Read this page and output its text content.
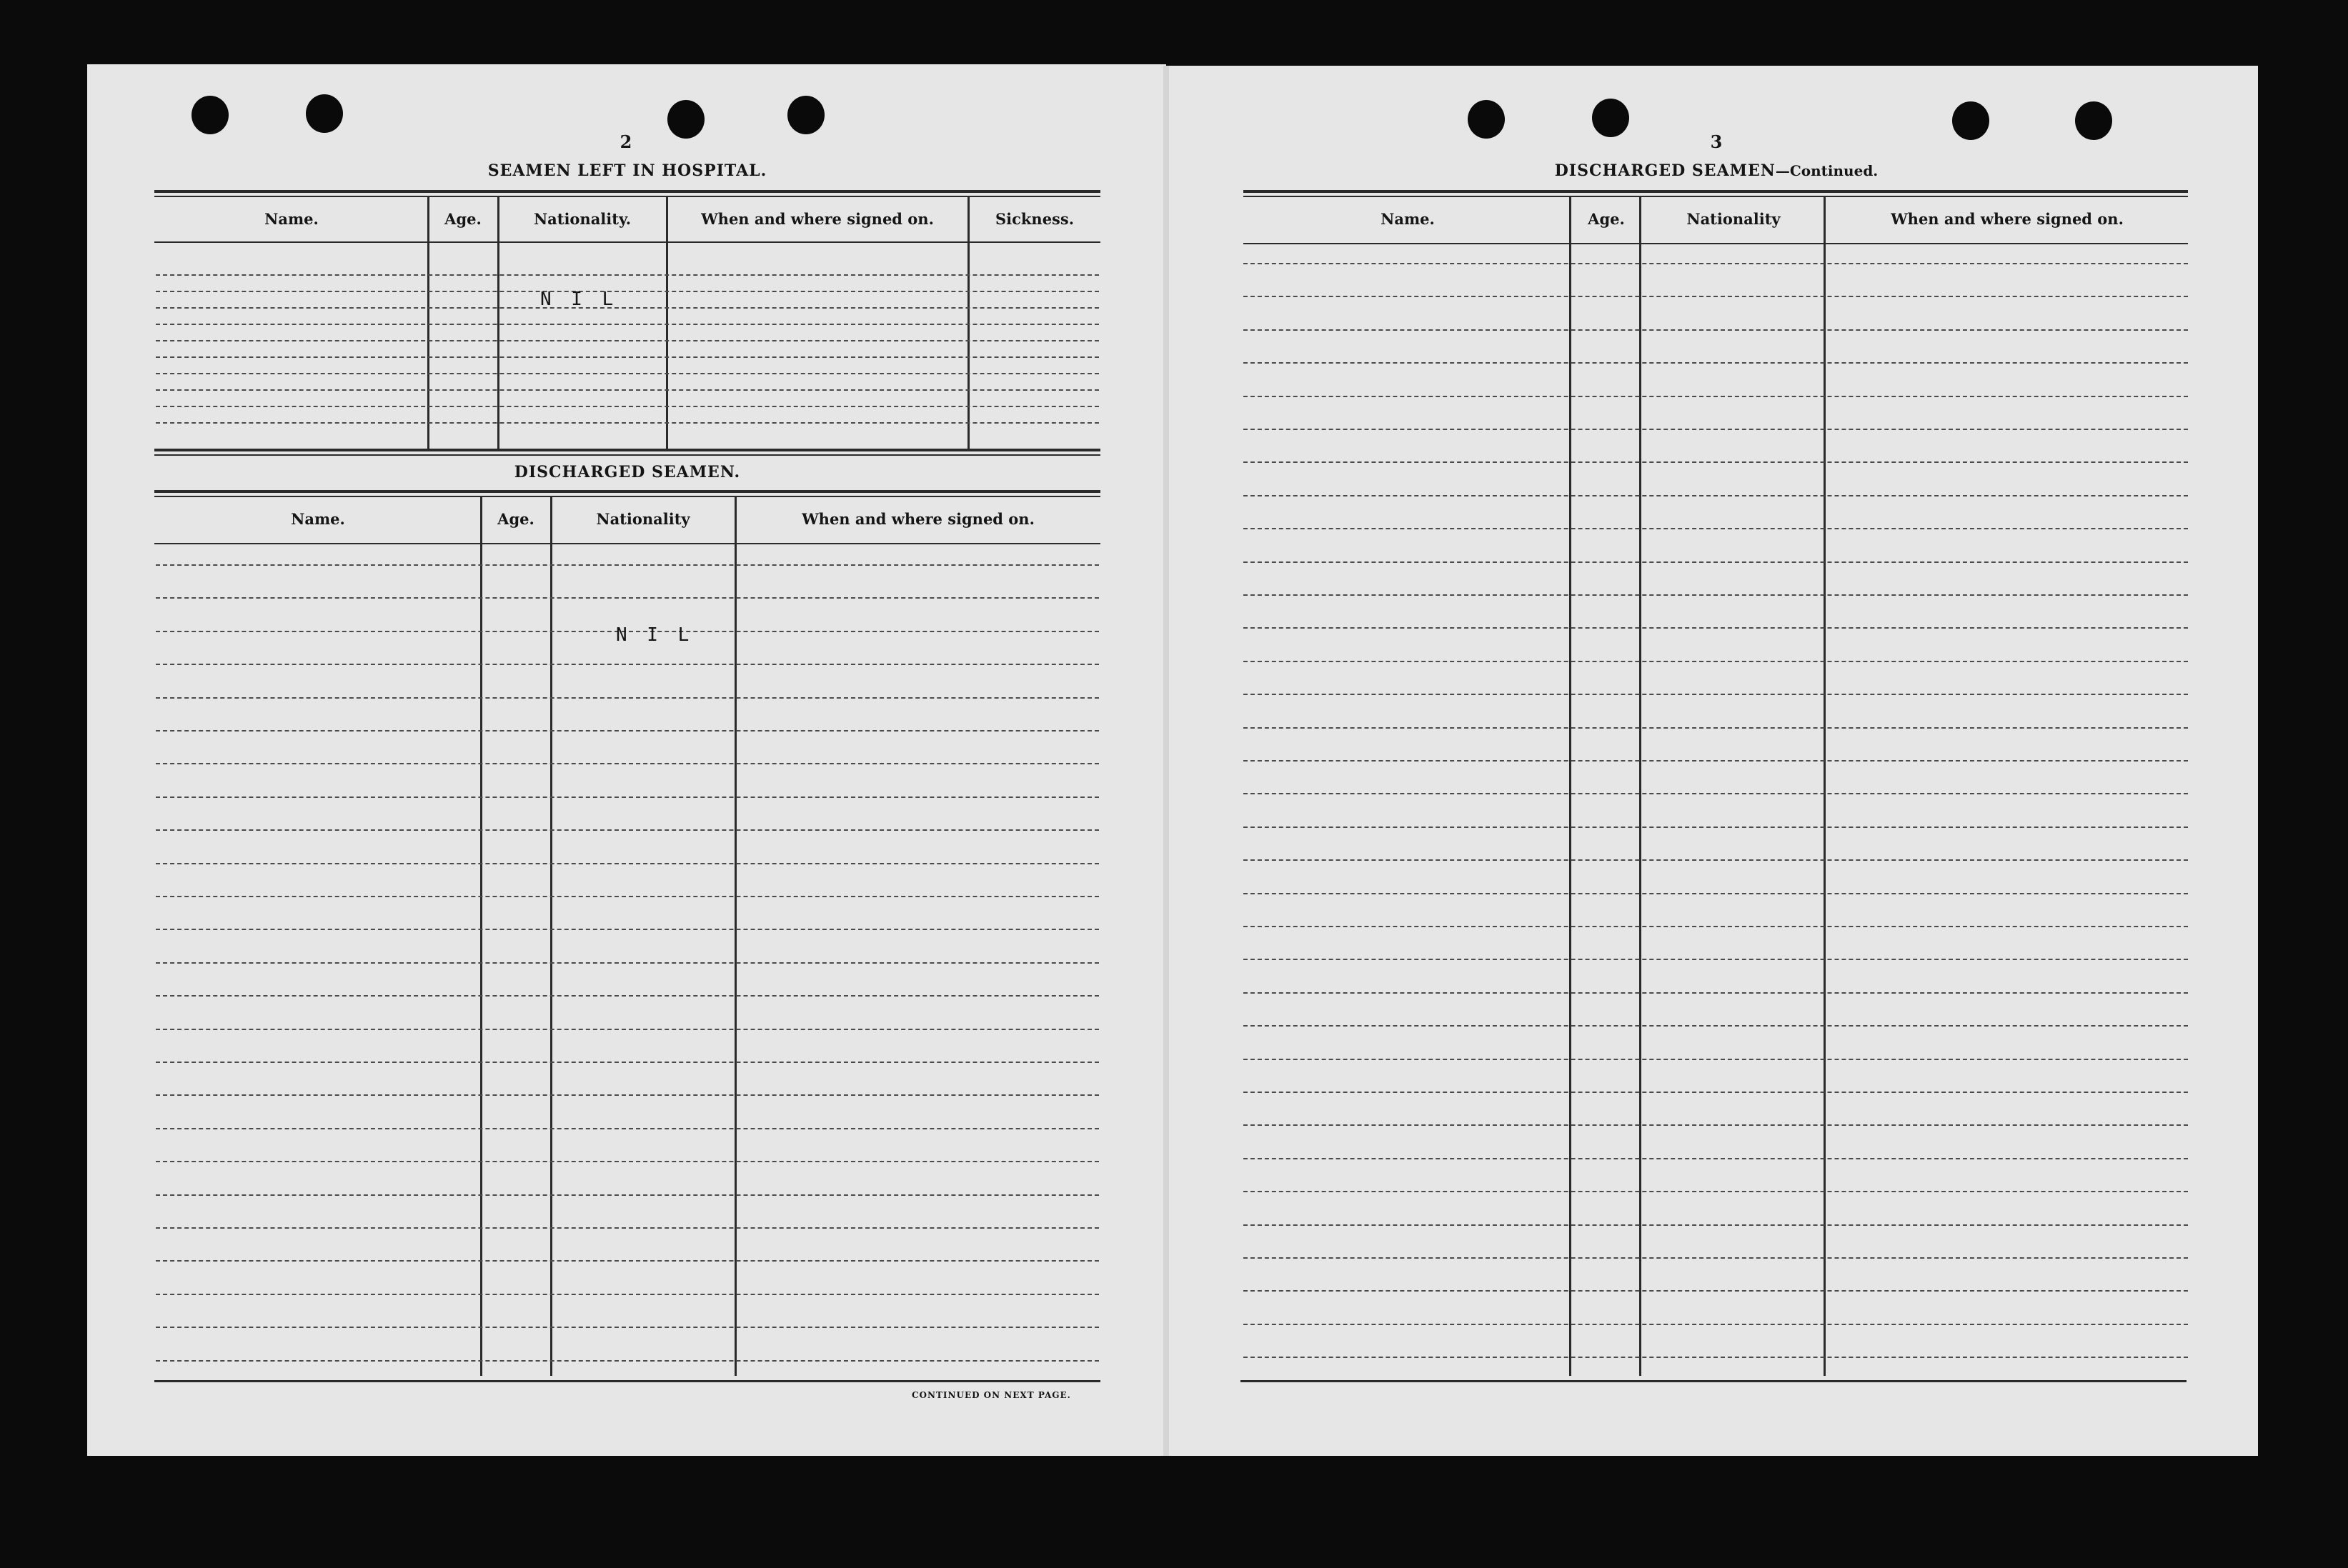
2
SEAMEN LEFT IN HOSPITAL.
Name.	Age.	Nationality.	When and where signed on.	Sickness.
N I L
DISCHARGED SEAMEN.
Name.	Age.	Nationality	When and where signed on.
N I L
CONTINUED ON NEXT PAGE.
3
DISCHARGED SEAMEN—Continued.
Name.	Age.	Nationality	When and where signed on.
